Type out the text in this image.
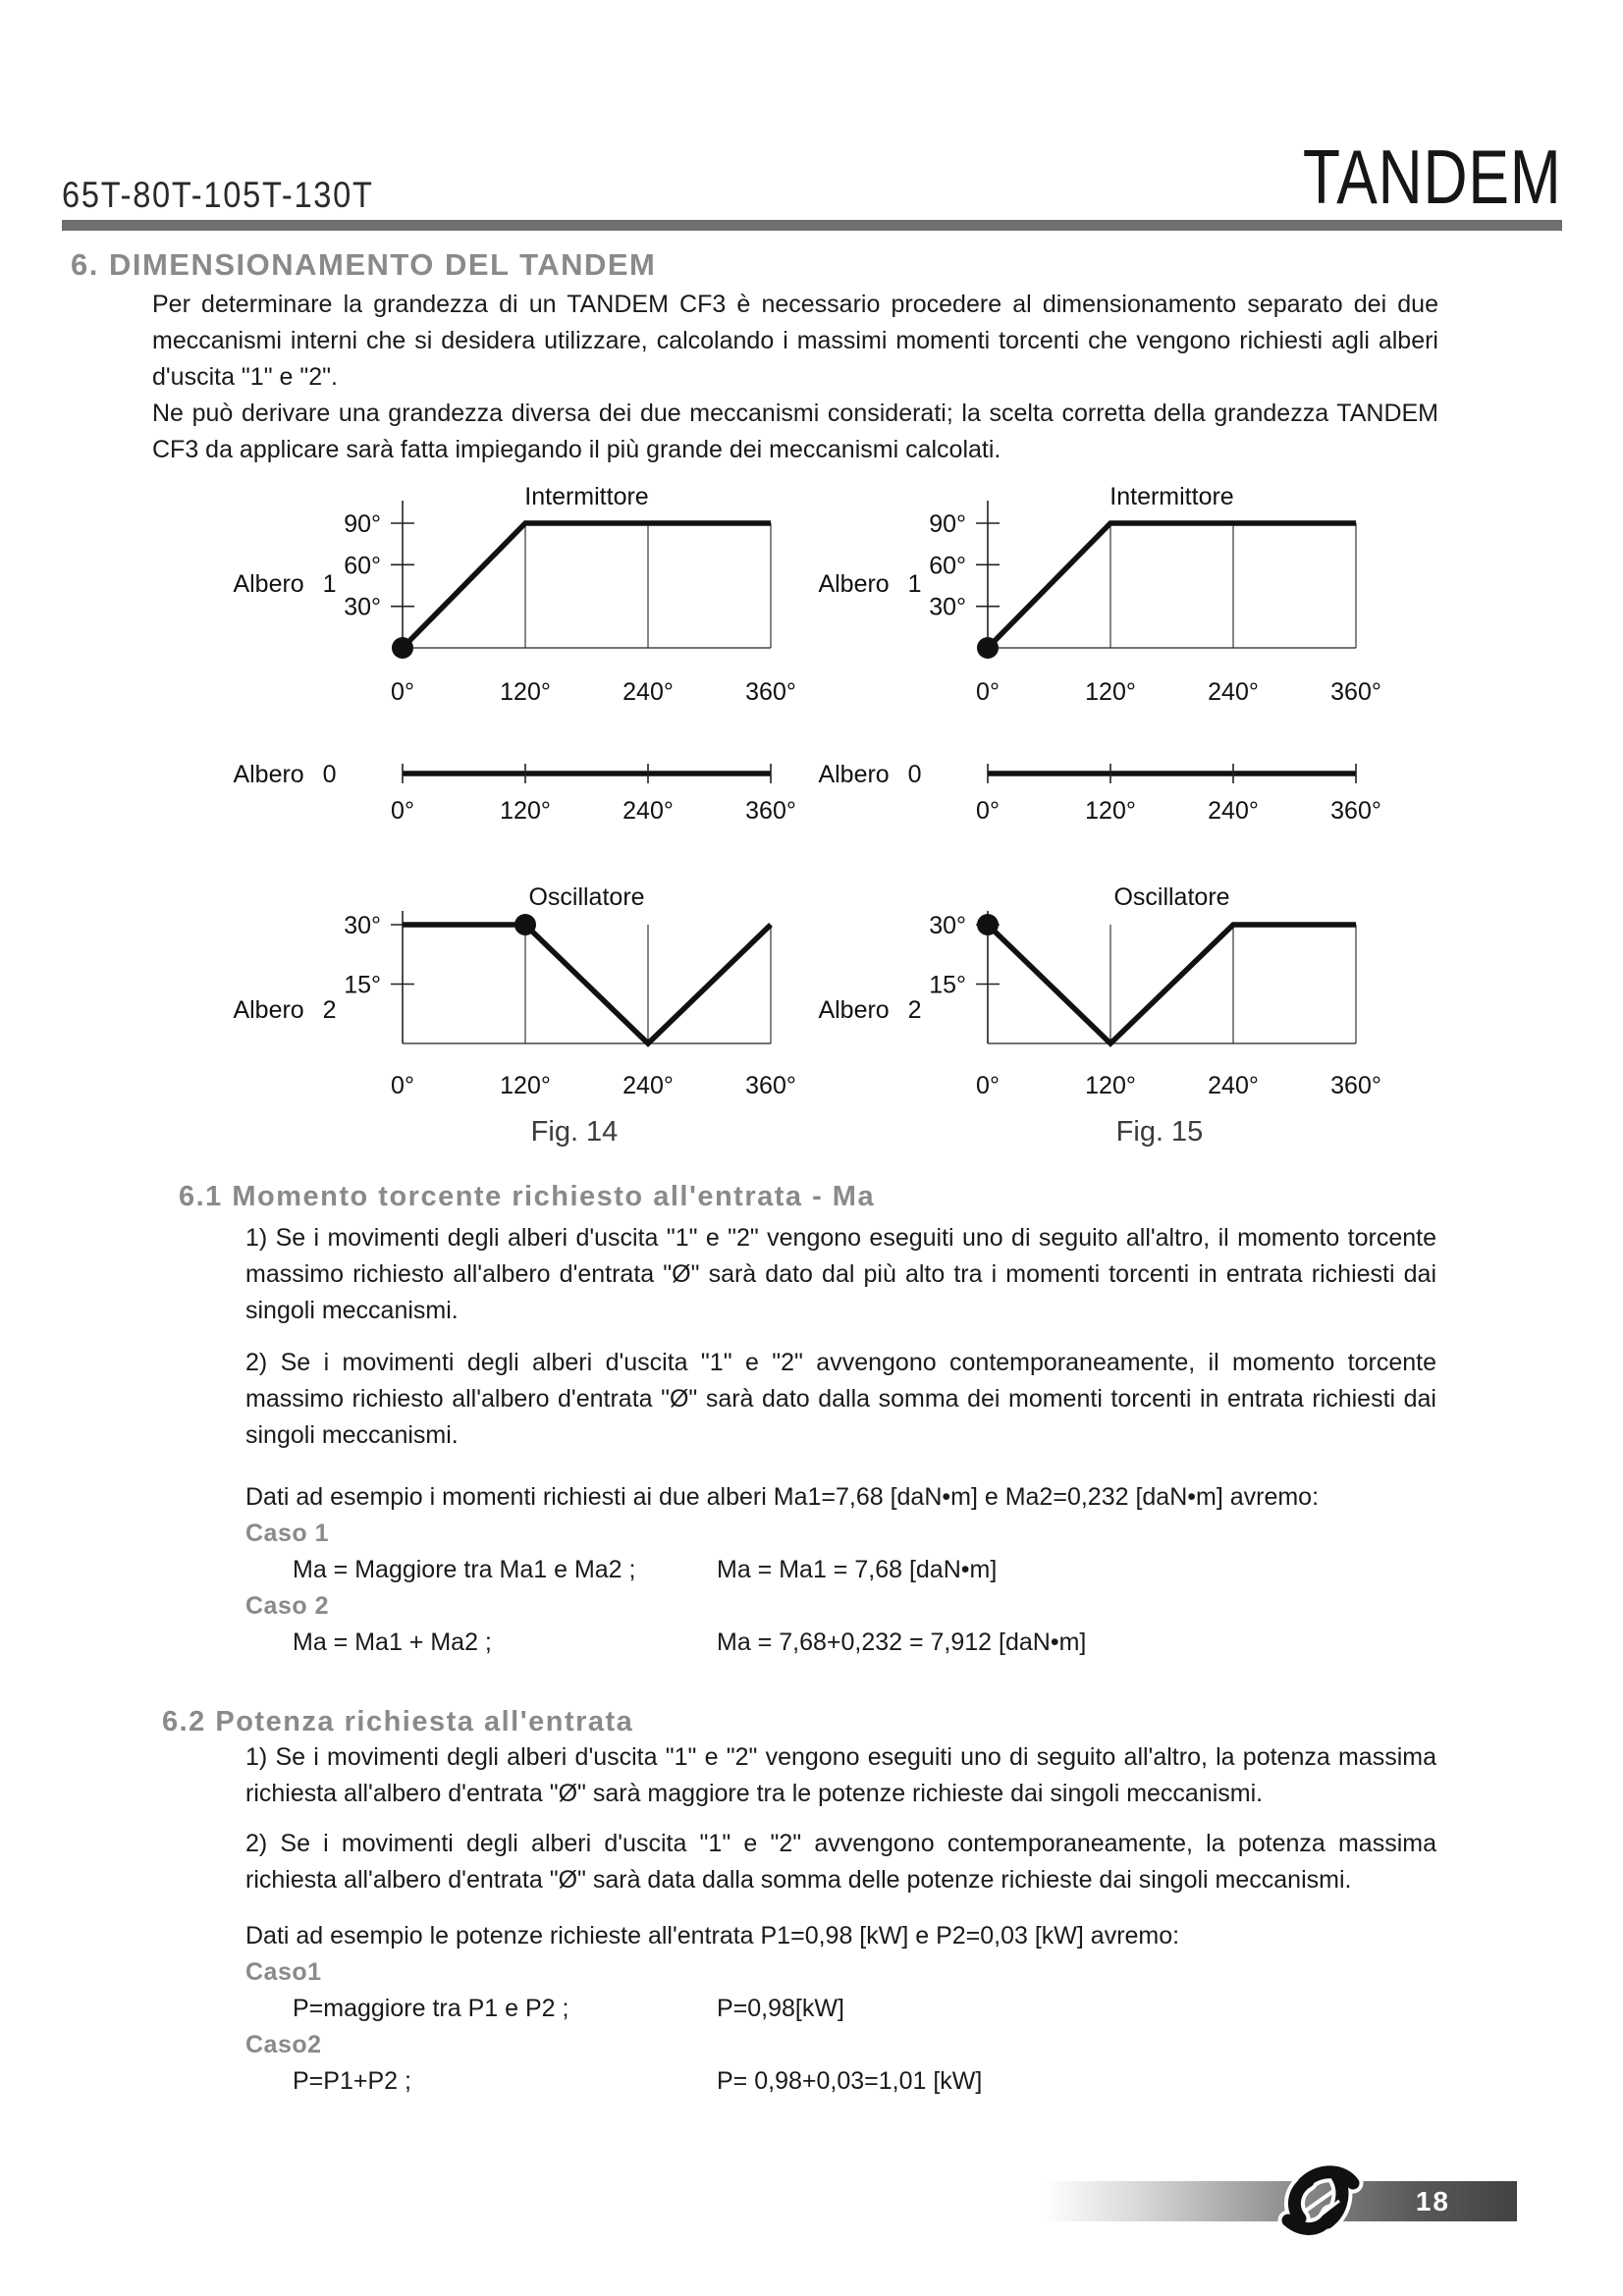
65T-80T-105T-130T	TANDEM
6. DIMENSIONAMENTO DEL TANDEM

Per determinare la grandezza di un TANDEM CF3 è necessario procedere al dimensionamento separato dei due meccanismi interni che si desidera utilizzare, calcolando i massimi momenti torcenti che vengono richiesti agli alberi d'uscita "1" e "2".

Ne può derivare una grandezza diversa dei due meccanismi considerati; la scelta corretta della grandezza TANDEM CF3 da applicare sarà fatta impiegando il più grande dei meccanismi calcolati.

30°
60°
90°
Intermittore
0°	120°	240°	360°
Albero 1
0°	120°	240°	360°
Albero 0
15°
30°
Oscillatore
0°	120°	240°	360°
Albero 2
Fig. 14
30°
60°
90°
Intermittore
0°	120°	240°	360°
Albero 1
0°	120°	240°	360°
Albero 0
15°
30°
Oscillatore
0°	120°	240°	360°
Albero 2
Fig. 15
6.1 Momento torcente richiesto all'entrata - Ma

1) Se i movimenti degli alberi d'uscita "1" e "2" vengono eseguiti uno di seguito all'altro, il momento torcente massimo richiesto all'albero d'entrata "Ø" sarà dato dal più alto tra i momenti torcenti in entrata richiesti dai singoli meccanismi.

2) Se i movimenti degli alberi d'uscita "1" e "2" avvengono contemporaneamente, il momento torcente massimo richiesto all'albero d'entrata "Ø" sarà dato dalla somma dei momenti torcenti in entrata richiesti dai singoli meccanismi.

Dati ad esempio i momenti richiesti ai due alberi Ma1=7,68 [daN•m] e Ma2=0,232 [daN•m] avremo:

Caso 1

Ma = Maggiore tra Ma1 e Ma2 ;	Ma = Ma1 = 7,68 [daN•m]

Caso 2

Ma = Ma1 + Ma2 ;	Ma = 7,68+0,232 = 7,912 [daN•m]
6.2 Potenza richiesta all'entrata

1) Se i movimenti degli alberi d'uscita "1" e "2" vengono eseguiti uno di seguito all'altro, la potenza massima richiesta all'albero d'entrata "Ø" sarà maggiore tra le potenze richieste dai singoli meccanismi.

2) Se i movimenti degli alberi d'uscita "1" e "2" avvengono contemporaneamente, la potenza massima richiesta all'albero d'entrata "Ø" sarà data dalla somma delle potenze richieste dai singoli meccanismi.

Dati ad esempio le potenze richieste all'entrata P1=0,98 [kW] e P2=0,03 [kW] avremo:

Caso1

P=maggiore tra P1 e P2 ;	P=0,98[kW]

Caso2

P=P1+P2 ;	P= 0,98+0,03=1,01 [kW]
18
